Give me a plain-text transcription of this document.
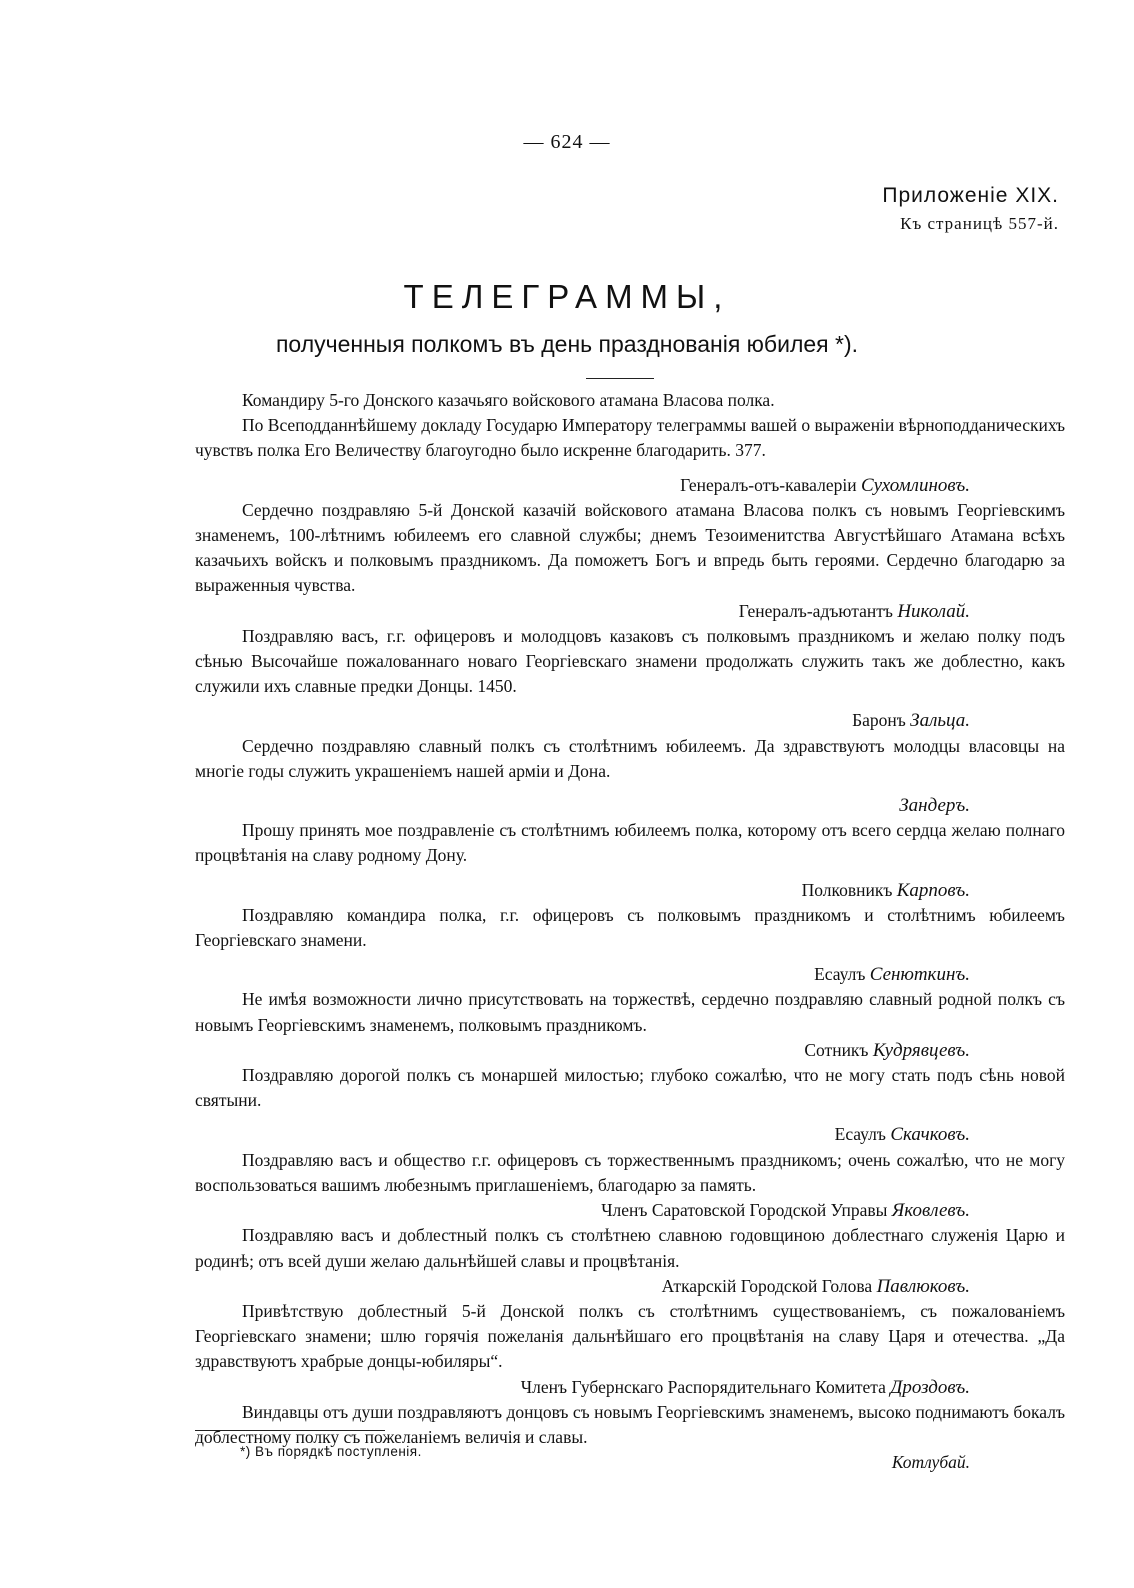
— 624 —
Приложеніе XIX.
Къ страницѣ 557-й.
ТЕЛЕГРАММЫ,
полученныя полкомъ въ день празднованія юбилея *).

Командиру 5-го Донского казачьяго войскового атамана Власова полка.

По Всеподданнѣйшему докладу Государю Императору телеграммы вашей о выраженіи вѣрноподданическихъ чувствъ полка Его Величеству благоугодно было искренне благодарить. 377.

Генералъ-отъ-кавалеріи Сухомлиновъ.

Сердечно поздравляю 5-й Донской казачій войскового атамана Власова полкъ съ новымъ Георгіевскимъ знаменемъ, 100-лѣтнимъ юбилеемъ его славной службы; днемъ Тезоименитства Августѣйшаго Атамана всѣхъ казачьихъ войскъ и полковымъ праздникомъ. Да поможетъ Богъ и впредь быть героями. Сердечно благодарю за выраженныя чувства.

Генералъ-адъютантъ Николай.

Поздравляю васъ, г.г. офицеровъ и молодцовъ казаковъ съ полковымъ праздникомъ и желаю полку подъ сѣнью Высочайше пожалованнаго новаго Георгіевскаго знамени продолжать служить такъ же доблестно, какъ служили ихъ славные предки Донцы. 1450.

Баронъ Зальца.

Сердечно поздравляю славный полкъ съ столѣтнимъ юбилеемъ. Да здравствуютъ молодцы власовцы на многіе годы служить украшеніемъ нашей арміи и Дона.

Зандеръ.

Прошу принять мое поздравленіе съ столѣтнимъ юбилеемъ полка, которому отъ всего сердца желаю полнаго процвѣтанія на славу родному Дону.

Полковникъ Карповъ.

Поздравляю командира полка, г.г. офицеровъ съ полковымъ праздникомъ и столѣтнимъ юбилеемъ Георгіевскаго знамени.

Есаулъ Сенюткинъ.

Не имѣя возможности лично присутствовать на торжествѣ, сердечно поздравляю славный родной полкъ съ новымъ Георгіевскимъ знаменемъ, полковымъ праздникомъ.

Сотникъ Кудрявцевъ.

Поздравляю дорогой полкъ съ монаршей милостью; глубоко сожалѣю, что не могу стать подъ сѣнь новой святыни.

Есаулъ Скачковъ.

Поздравляю васъ и общество г.г. офицеровъ съ торжественнымъ праздникомъ; очень сожалѣю, что не могу воспользоваться вашимъ любезнымъ приглашеніемъ, благодарю за память.

Членъ Саратовской Городской Управы Яковлевъ.

Поздравляю васъ и доблестный полкъ съ столѣтнею славною годовщиною доблестнаго служенія Царю и родинѣ; отъ всей души желаю дальнѣйшей славы и процвѣтанія.

Аткарскій Городской Голова Павлюковъ.

Привѣтствую доблестный 5-й Донской полкъ съ столѣтнимъ существованіемъ, съ пожалованіемъ Георгіевскаго знамени; шлю горячія пожеланія дальнѣйшаго его процвѣтанія на славу Царя и отечества. „Да здравствуютъ храбрые донцы-юбиляры“.

Членъ Губернскаго Распорядительнаго Комитета Дроздовъ.

Виндавцы отъ души поздравляютъ донцовъ съ новымъ Георгіевскимъ знаменемъ, высоко поднимаютъ бокалъ доблестному полку съ пожеланіемъ величія и славы.

Котлубай.

*) Въ порядкѣ поступленія.
